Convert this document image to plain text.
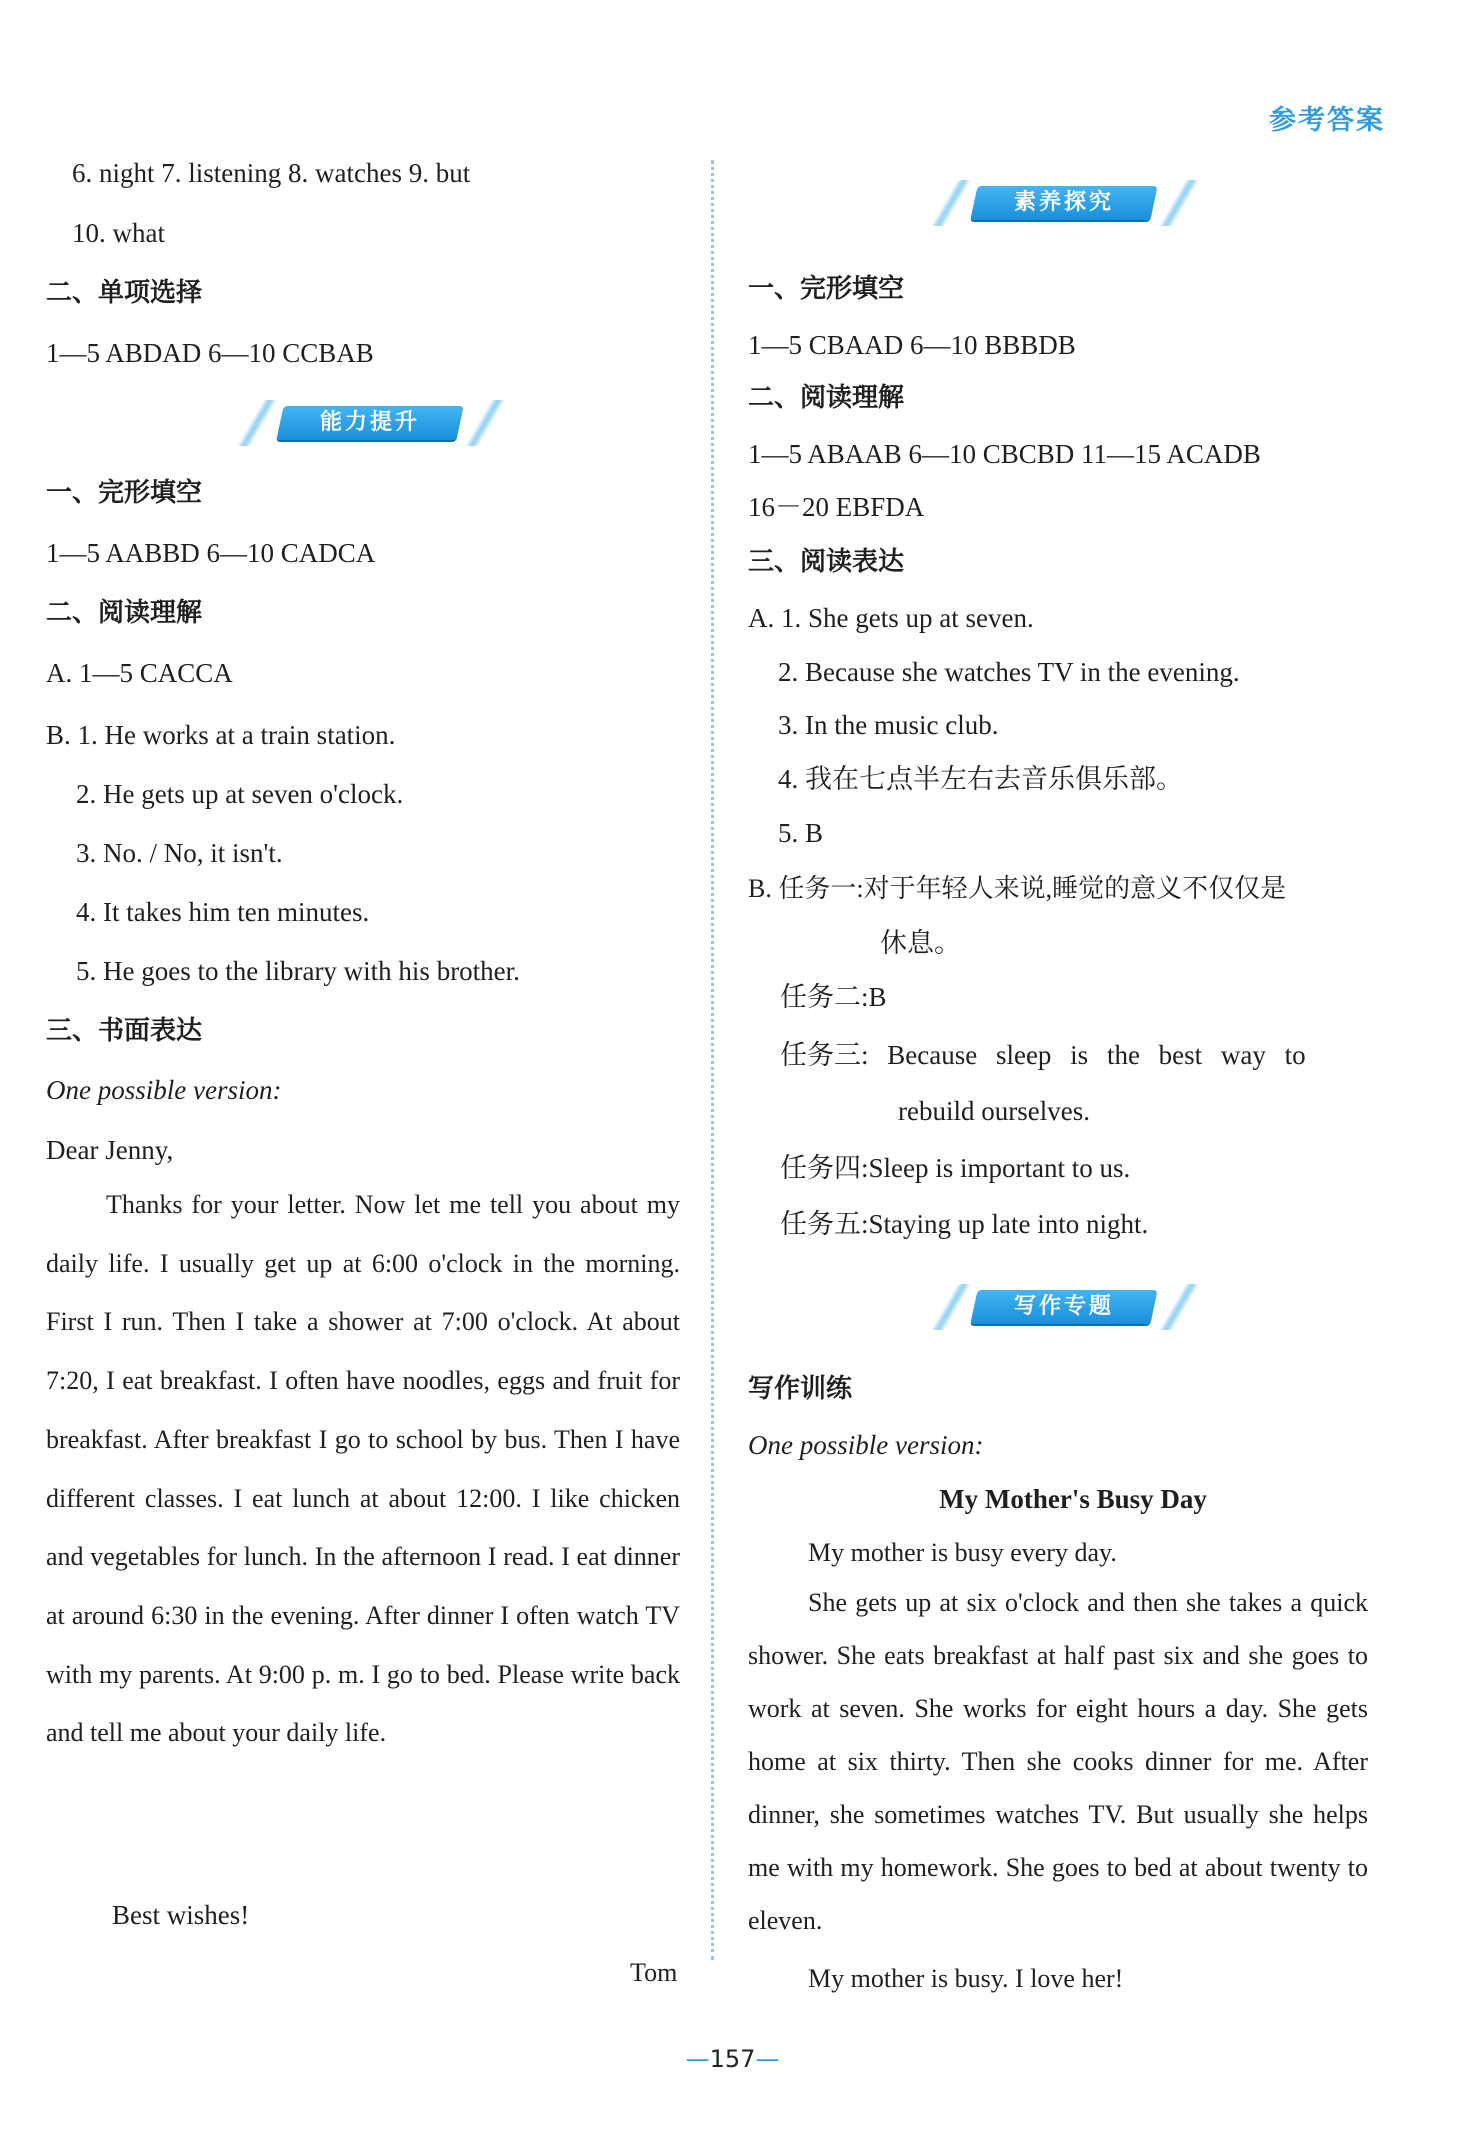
参考答案
6. night 7. listening 8. watches 9. but
10. what
二、单项选择
1—5 ABDAD 6—10 CCBAB
能力提升
一、完形填空
1—5 AABBD 6—10 CADCA
二、阅读理解
A. 1—5 CACCA
B. 1. He works at a train station.
2. He gets up at seven o'clock.
3. No. / No, it isn't.
4. It takes him ten minutes.
5. He goes to the library with his brother.
三、书面表达
One possible version:
Dear Jenny,
Thanks for your letter. Now let me tell you about my daily life. I usually get up at 6:00 o'clock in the morning. First I run. Then I take a shower at 7:00 o'clock. At about 7:20, I eat breakfast. I often have noodles, eggs and fruit for breakfast. After breakfast I go to school by bus. Then I have different classes. I eat lunch at about 12:00. I like chicken and vegetables for lunch. In the afternoon I read. I eat dinner at around 6:30 in the evening. After dinner I often watch TV with my parents. At 9:00 p. m. I go to bed. Please write back and tell me about your daily life.
Best wishes!
Tom
素养探究
一、完形填空
1—5 CBAAD 6—10 BBBDB
二、阅读理解
1—5 ABAAB 6—10 CBCBD 11—15 ACADB
16－20 EBFDA
三、阅读表达
A. 1. She gets up at seven.
2. Because she watches TV in the evening.
3. In the music club.
4. 我在七点半左右去音乐俱乐部。
5. B
B. 任务一:对于年轻人来说,睡觉的意义不仅仅是
休息。
任务二:B
任务三: Because sleep is the best way to
rebuild ourselves.
任务四:Sleep is important to us.
任务五:Staying up late into night.
写作专题
写作训练
One possible version:
My Mother's Busy Day
My mother is busy every day.
She gets up at six o'clock and then she takes a quick shower. She eats breakfast at half past six and she goes to work at seven. She works for eight hours a day. She gets home at six thirty. Then she cooks dinner for me. After dinner, she sometimes watches TV. But usually she helps me with my homework. She goes to bed at about twenty to eleven.
My mother is busy. I love her!
—157—
